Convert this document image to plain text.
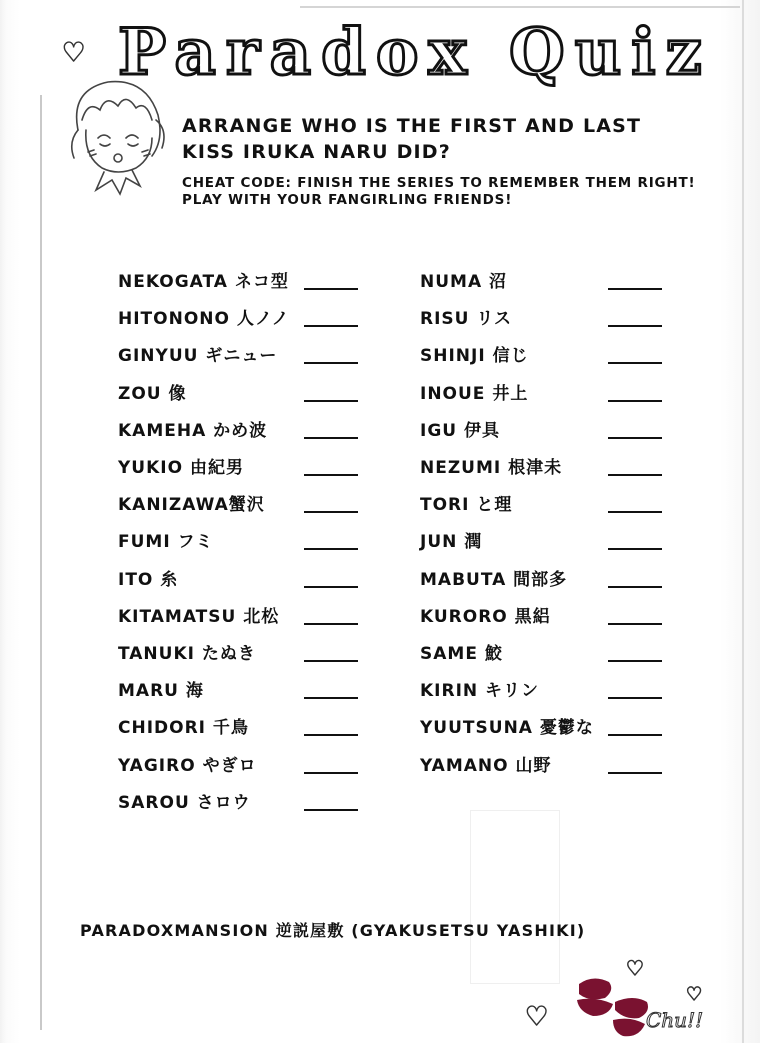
♥ Paradox Quiz
ARRANGE WHO IS THE FIRST AND LAST KISS IRUKA NARU DID?
CHEAT CODE: FINISH THE SERIES TO REMEMBER THEM RIGHT! PLAY WITH YOUR FANGIRLING FRIENDS!
NEKOGATA ネコ型
HITONONO 人ノノ
GINYUU ギニュー
ZOU 像
KAMEHA かめ波
YUKIO 由紀男
KANIZAWA蟹沢
FUMI フミ
ITO 糸
KITAMATSU 北松
TANUKI たぬき
MARU 海
CHIDORI 千鳥
YAGIRO やぎロ
SAROU さロウ
NUMA 沼
RISU リス
SHINJI 信じ
INOUE 井上
IGU 伊具
NEZUMI 根津未
TORI と理
JUN 潤
MABUTA 間部多
KURORO 黒絽
SAME 鮫
KIRIN キリン
YUUTSUNA 憂鬱な
YAMANO 山野
PARADOXMANSION 逆説屋敷 (GYAKUSETSU YASHIKI)
♥
♥
♥
Chu!!
